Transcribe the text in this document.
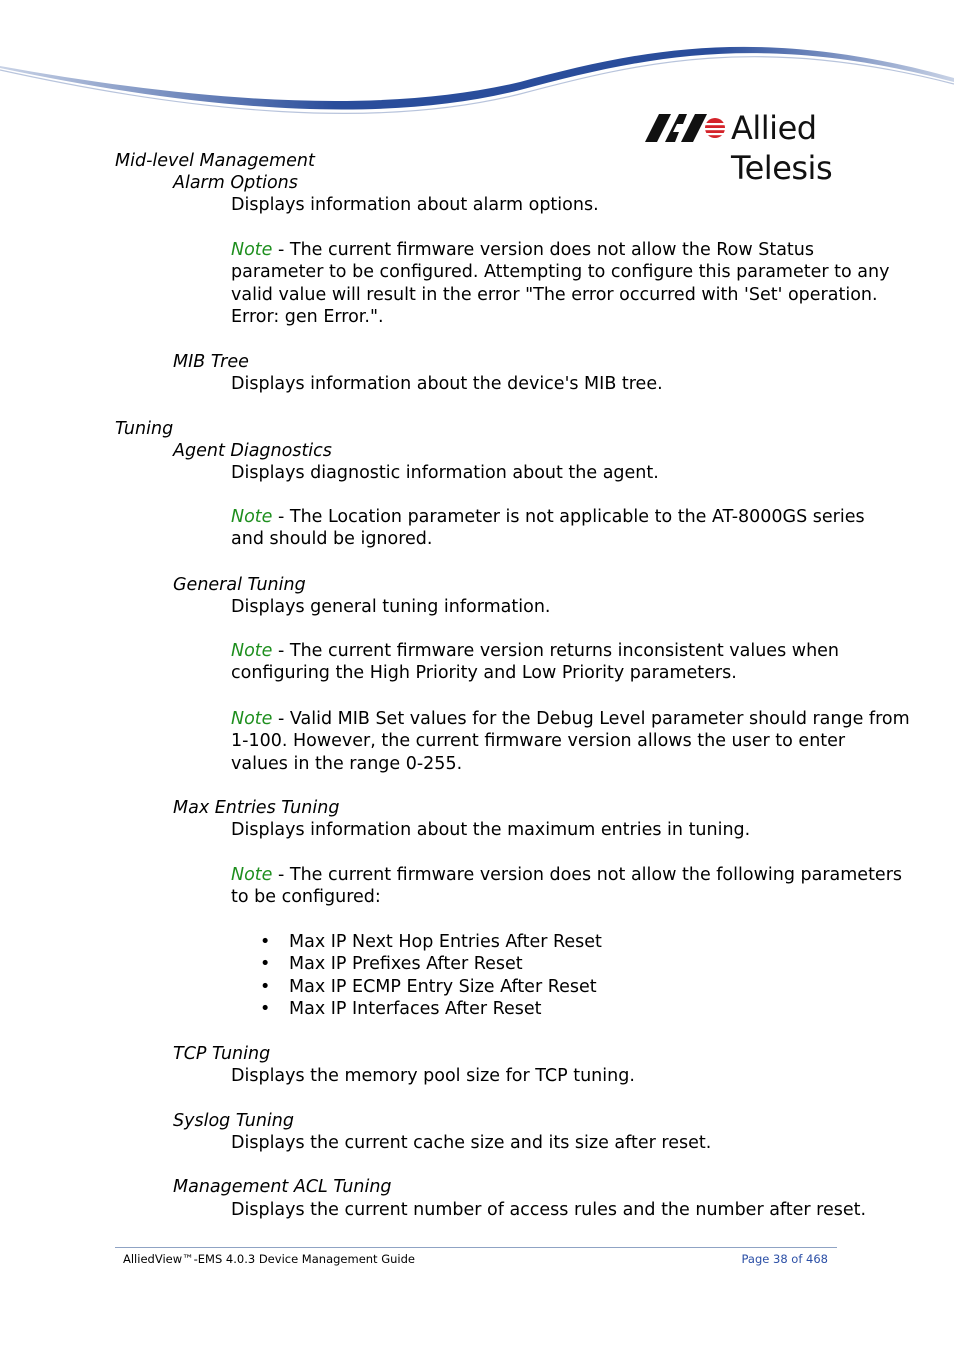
Allied Telesis
Mid-level Management
Alarm Options
Displays information about alarm options.
Note - The current firmware version does not allow the Row Status
parameter to be configured. Attempting to configure this parameter to any
valid value will result in the error "The error occurred with 'Set' operation.
Error: gen Error.".
MIB Tree
Displays information about the device's MIB tree.
Tuning
Agent Diagnostics
Displays diagnostic information about the agent.
Note - The Location parameter is not applicable to the AT-8000GS series
and should be ignored.
General Tuning
Displays general tuning information.
Note - The current firmware version returns inconsistent values when
configuring the High Priority and Low Priority parameters.
Note - Valid MIB Set values for the Debug Level parameter should range from
1-100. However, the current firmware version allows the user to enter
values in the range 0-255.
Max Entries Tuning
Displays information about the maximum entries in tuning.
Note - The current firmware version does not allow the following parameters
to be configured:
• Max IP Next Hop Entries After Reset
• Max IP Prefixes After Reset
• Max IP ECMP Entry Size After Reset
• Max IP Interfaces After Reset
TCP Tuning
Displays the memory pool size for TCP tuning.
Syslog Tuning
Displays the current cache size and its size after reset.
Management ACL Tuning
Displays the current number of access rules and the number after reset.
AlliedView™-EMS 4.0.3 Device Management Guide	Page 38 of 468
